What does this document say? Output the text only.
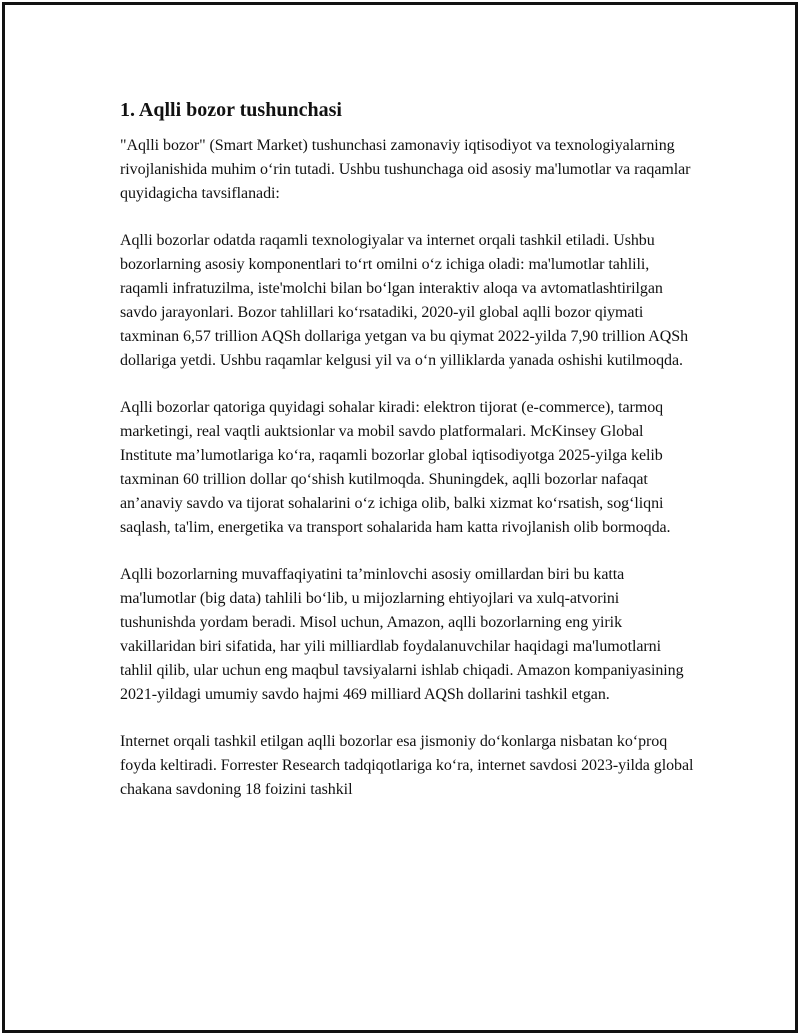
1. Aqlli bozor tushunchasi

"Aqlli bozor" (Smart Market) tushunchasi zamonaviy iqtisodiyot va texnologiyalarning rivojlanishida muhim oʻrin tutadi. Ushbu tushunchaga oid asosiy ma'lumotlar va raqamlar quyidagicha tavsiflanadi:

Aqlli bozorlar odatda raqamli texnologiyalar va internet orqali tashkil etiladi. Ushbu bozorlarning asosiy komponentlari toʻrt omilni oʻz ichiga oladi: ma'lumotlar tahlili, raqamli infratuzilma, iste'molchi bilan boʻlgan interaktiv aloqa va avtomatlashtirilgan savdo jarayonlari. Bozor tahlillari koʻrsatadiki, 2020-yil global aqlli bozor qiymati taxminan 6,57 trillion AQSh dollariga yetgan va bu qiymat 2022-yilda 7,90 trillion AQSh dollariga yetdi. Ushbu raqamlar kelgusi yil va oʻn yilliklarda yanada oshishi kutilmoqda.

Aqlli bozorlar qatoriga quyidagi sohalar kiradi: elektron tijorat (e-commerce), tarmoq marketingi, real vaqtli auktsionlar va mobil savdo platformalari. McKinsey Global Institute maʼlumotlariga koʻra, raqamli bozorlar global iqtisodiyotga 2025-yilga kelib taxminan 60 trillion dollar qoʻshish kutilmoqda. Shuningdek, aqlli bozorlar nafaqat anʼanaviy savdo va tijorat sohalarini oʻz ichiga olib, balki xizmat koʻrsatish, sogʻliqni saqlash, ta'lim, energetika va transport sohalarida ham katta rivojlanish olib bormoqda.

Aqlli bozorlarning muvaffaqiyatini taʼminlovchi asosiy omillardan biri bu katta ma'lumotlar (big data) tahlili boʻlib, u mijozlarning ehtiyojlari va xulq-atvorini tushunishda yordam beradi. Misol uchun, Amazon, aqlli bozorlarning eng yirik vakillaridan biri sifatida, har yili milliardlab foydalanuvchilar haqidagi ma'lumotlarni tahlil qilib, ular uchun eng maqbul tavsiyalarni ishlab chiqadi. Amazon kompaniyasining 2021-yildagi umumiy savdo hajmi 469 milliard AQSh dollarini tashkil etgan.

Internet orqali tashkil etilgan aqlli bozorlar esa jismoniy doʻkonlarga nisbatan koʻproq foyda keltiradi. Forrester Research tadqiqotlariga koʻra, internet savdosi 2023-yilda global chakana savdoning 18 foizini tashkil
